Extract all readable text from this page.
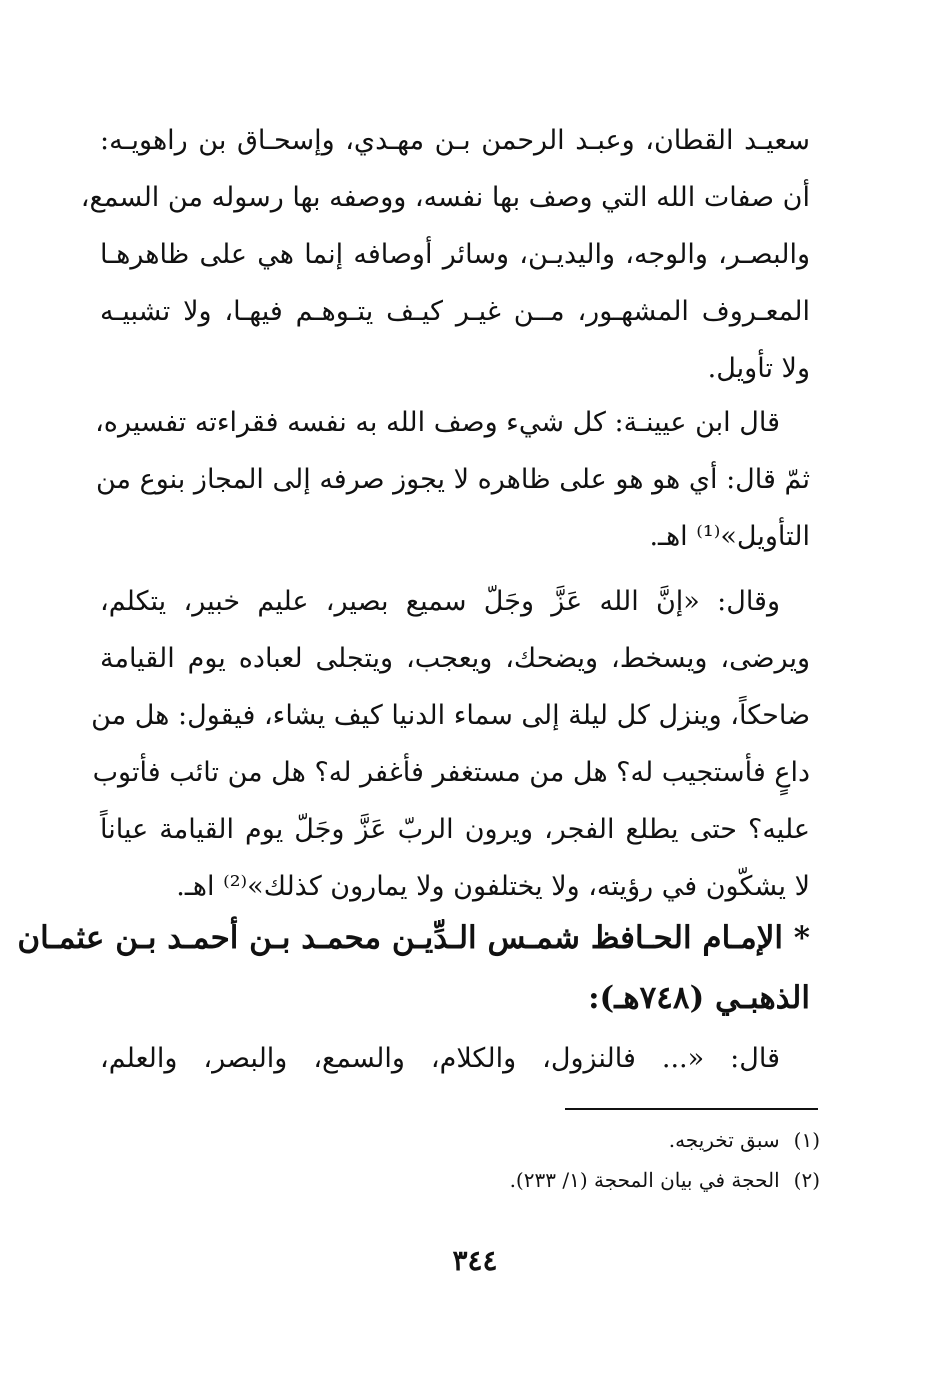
سعيـد القطان، وعبـد الرحمن بـن مهـدي، وإسحـاق بن راهويـه:
أن صفات الله التي وصف بها نفسه، ووصفه بها رسوله من السمع،
والبصـر، والوجه، واليديـن، وسائر أوصافه إنما هي على ظاهرهـا
المعـروف المشهـور، مــن غيـر كيـف يتـوهـم فيهـا، ولا تشبيـه
ولا تأويل.
قال ابن عيينـة: كل شيء وصف الله به نفسه فقراءته تفسيره،
ثمّ قال: أي هو هو على ظاهره لا يجوز صرفه إلى المجاز بنوع من
التأويل»⁽¹⁾ اهـ.
وقال: «إنَّ الله عَزَّ وجَلّ سميع بصير، عليم خبير، يتكلم،
ويرضى، ويسخط، ويضحك، ويعجب، ويتجلى لعباده يوم القيامة
ضاحكاً، وينزل كل ليلة إلى سماء الدنيا كيف يشاء، فيقول: هل من
داعٍ فأستجيب له؟ هل من مستغفر فأغفر له؟ هل من تائب فأتوب
عليه؟ حتى يطلع الفجر، ويرون الربّ عَزَّ وجَلّ يوم القيامة عياناً
لا يشكّون في رؤيته، ولا يختلفون ولا يمارون كذلك»⁽²⁾ اهـ.
* الإمـام الحـافظ شمـس الـدِّيـن محمـد بـن أحمـد بـن عثمـان
الذهبـي (٧٤٨هـ):
قال: «... فالنزول، والكلام، والسمع، والبصر، والعلم،
(١)سبق تخريجه.
(٢)الحجة في بيان المحجة (١/ ٢٣٣).
٣٤٤
